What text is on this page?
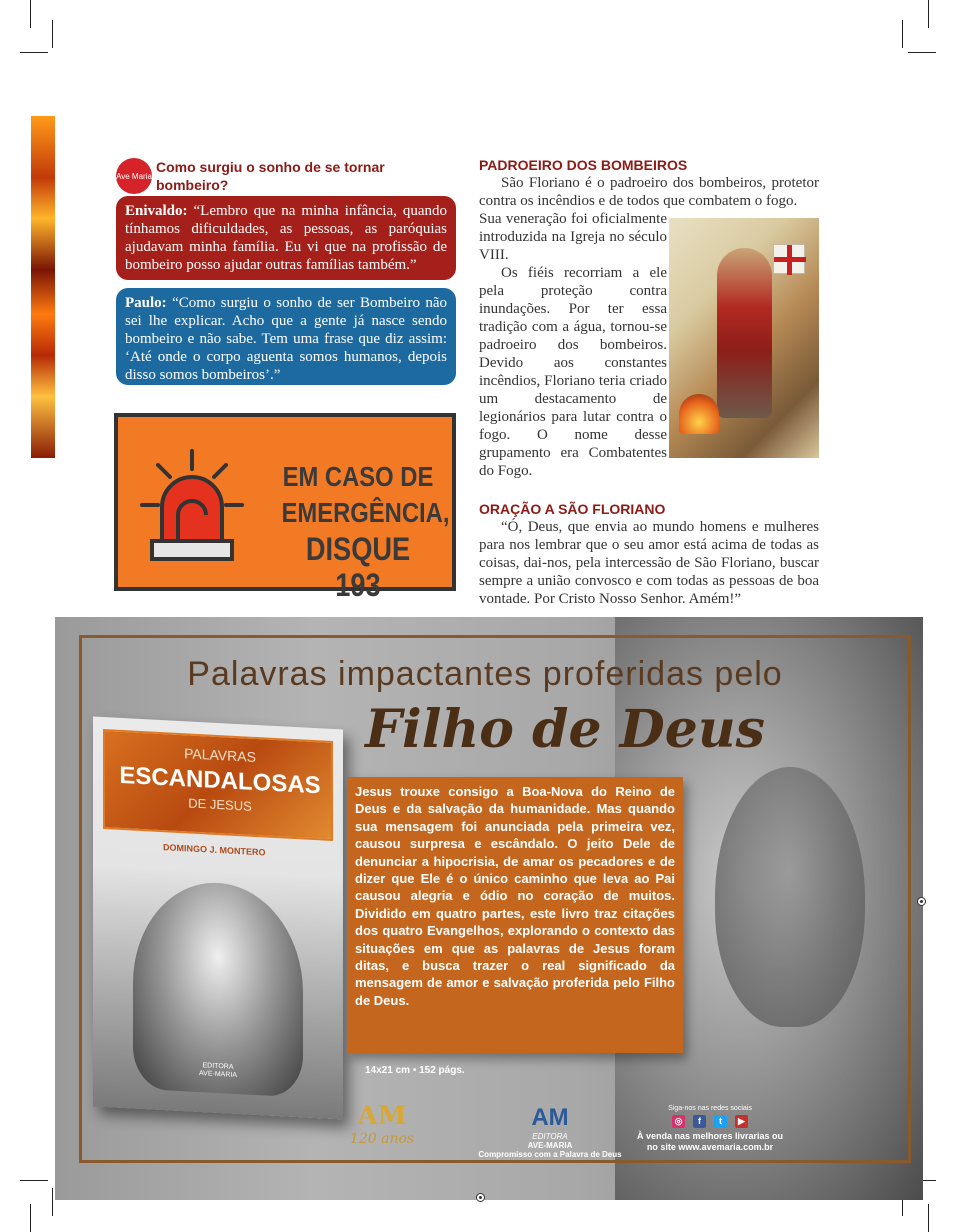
Ave Maria
Como surgiu o sonho de se tornar bombeiro?
Enivaldo: “Lembro que na minha infância, quando tínhamos dificuldades, as pessoas, as paróquias ajudavam minha família. Eu vi que na profissão de bombeiro posso ajudar outras famílias também.”
Paulo: “Como surgiu o sonho de ser Bombeiro não sei lhe explicar. Acho que a gente já nasce sendo bombeiro e não sabe. Tem uma frase que diz assim: ‘Até onde o corpo aguenta somos humanos, depois disso somos bombeiros’.”
EM CASO DE
EMERGÊNCIA,
DISQUE 193
PADROEIRO DOS BOMBEIROS
São Floriano é o padroeiro dos bombeiros, protetor contra os incêndios e de todos que combatem o fogo.
Sua veneração foi oficialmente introduzida na Igreja no século VIII.
Os fiéis recorriam a ele pela proteção contra inundações. Por ter essa tradição com a água, tornou-se padroeiro dos bombeiros. Devido aos constantes incêndios, Floriano teria criado um destacamento de legionários para lutar contra o fogo. O nome desse grupamento era Combatentes do Fogo.
ORAÇÃO A SÃO FLORIANO
“Ó, Deus, que envia ao mundo homens e mulheres para nos lembrar que o seu amor está acima de todas as coisas, dai-nos, pela intercessão de São Floriano, buscar sempre a união convosco e com todas as pessoas de boa vontade. Por Cristo Nosso Senhor. Amém!”
Palavras impactantes proferidas pelo
Filho de Deus
PALAVRAS
ESCANDALOSAS
DE JESUS
DOMINGO J. MONTERO
EDITORA
AVE-MARIA
Jesus trouxe consigo a Boa-Nova do Reino de Deus e da salvação da humanidade. Mas quando sua mensagem foi anunciada pela primeira vez, causou surpresa e escândalo. O jeito Dele de denunciar a hipocrisia, de amar os pecadores e de dizer que Ele é o único caminho que leva ao Pai causou alegria e ódio no coração de muitos. Dividido em quatro partes, este livro traz citações dos quatro Evangelhos, explorando o contexto das situações em que as palavras de Jesus foram ditas, e busca trazer o real significado da mensagem de amor e salvação proferida pelo Filho de Deus.
14x21 cm • 152 págs.
AM
120 anos
AM
EDITORA
AVE-MARIA
Compromisso com a Palavra de Deus
Siga-nos nas redes sociais
◎	f	t	▶
À venda nas melhores livrarias ou
no site www.avemaria.com.br
